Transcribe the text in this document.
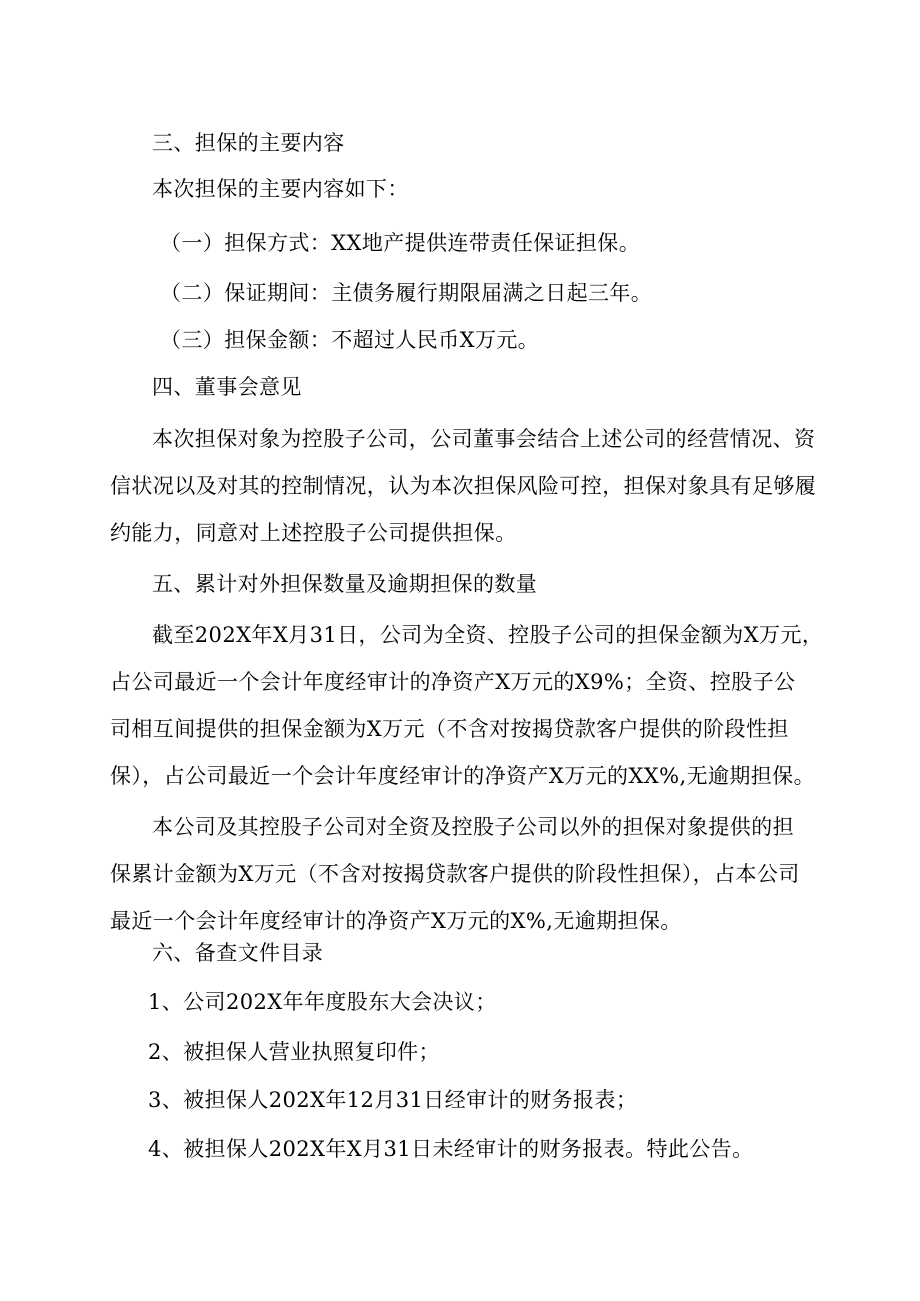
三、担保的主要内容
本次担保的主要内容如下：
（一）担保方式：XX地产提供连带责任保证担保。
（二）保证期间：主债务履行期限届满之日起三年。
（三）担保金额：不超过人民币X万元。
四、董事会意见
本次担保对象为控股子公司，公司董事会结合上述公司的经营情况、资
信状况以及对其的控制情况，认为本次担保风险可控，担保对象具有足够履
约能力，同意对上述控股子公司提供担保。
五、累计对外担保数量及逾期担保的数量
截至202X年X月31日，公司为全资、控股子公司的担保金额为X万元，
占公司最近一个会计年度经审计的净资产X万元的X9%；全资、控股子公
司相互间提供的担保金额为X万元（不含对按揭贷款客户提供的阶段性担
保），占公司最近一个会计年度经审计的净资产X万元的XX%,无逾期担保。
本公司及其控股子公司对全资及控股子公司以外的担保对象提供的担
保累计金额为X万元（不含对按揭贷款客户提供的阶段性担保），占本公司
最近一个会计年度经审计的净资产X万元的X%,无逾期担保。
六、备查文件目录
1、公司202X年年度股东大会决议；
2、被担保人营业执照复印件；
3、被担保人202X年12月31日经审计的财务报表；
4、被担保人202X年X月31日未经审计的财务报表。特此公告。
